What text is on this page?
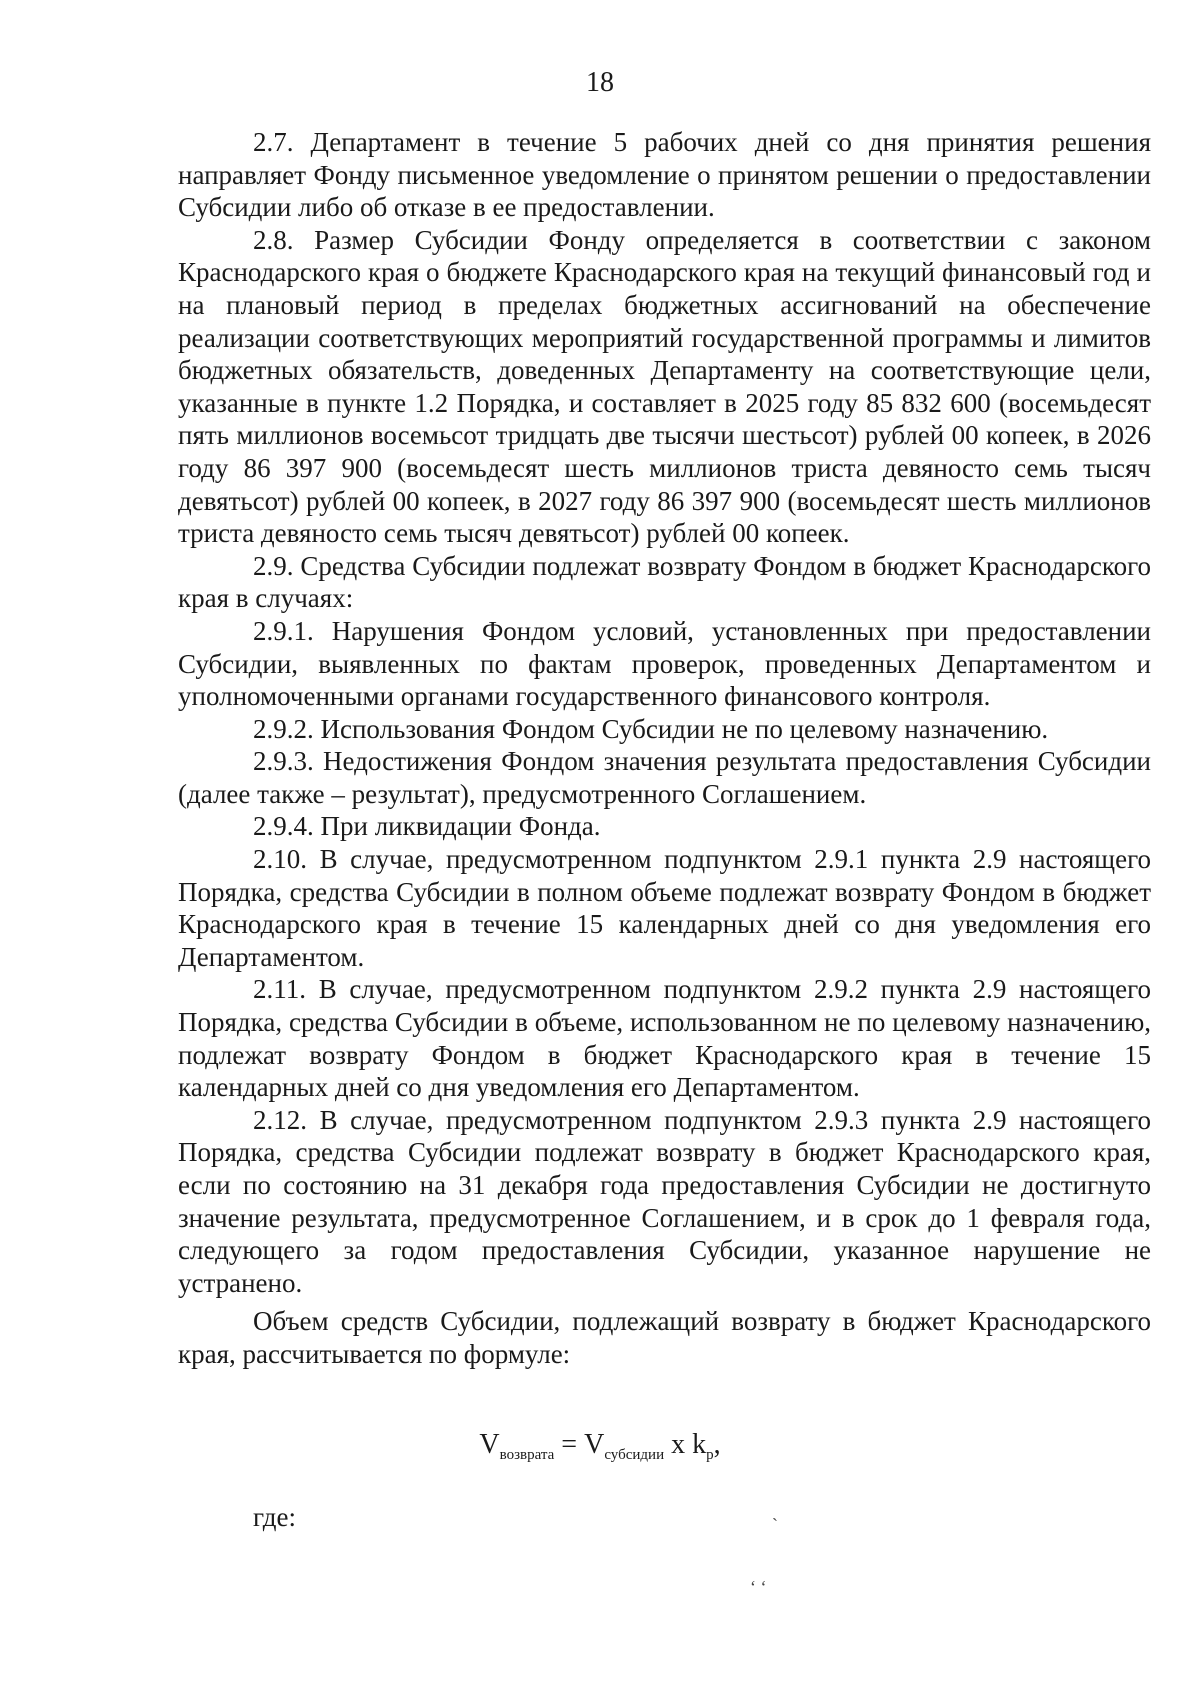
18

2.7. Департамент в течение 5 рабочих дней со дня принятия решения направляет Фонду письменное уведомление о принятом решении о предоставлении Субсидии либо об отказе в ее предоставлении.

2.8. Размер Субсидии Фонду определяется в соответствии с законом Краснодарского края о бюджете Краснодарского края на текущий финансовый год и на плановый период в пределах бюджетных ассигнований на обеспечение реализации соответствующих мероприятий государственной программы и лимитов бюджетных обязательств, доведенных Департаменту на соответствующие цели, указанные в пункте 1.2 Порядка, и составляет в 2025 году 85 832 600 (восемьдесят пять миллионов восемьсот тридцать две тысячи шестьсот) рублей 00 копеек, в 2026 году 86 397 900 (восемьдесят шесть миллионов триста девяносто семь тысяч девятьсот) рублей 00 копеек, в 2027 году 86 397 900 (восемьдесят шесть миллионов триста девяносто семь тысяч девятьсот) рублей 00 копеек.

2.9. Средства Субсидии подлежат возврату Фондом в бюджет Краснодарского края в случаях:

2.9.1. Нарушения Фондом условий, установленных при предоставлении Субсидии, выявленных по фактам проверок, проведенных Департаментом и уполномоченными органами государственного финансового контроля.

2.9.2. Использования Фондом Субсидии не по целевому назначению.

2.9.3. Недостижения Фондом значения результата предоставления Субсидии (далее также – результат), предусмотренного Соглашением.

2.9.4. При ликвидации Фонда.

2.10. В случае, предусмотренном подпунктом 2.9.1 пункта 2.9 настоящего Порядка, средства Субсидии в полном объеме подлежат возврату Фондом в бюджет Краснодарского края в течение 15 календарных дней со дня уведомления его Департаментом.

2.11. В случае, предусмотренном подпунктом 2.9.2 пункта 2.9 настоящего Порядка, средства Субсидии в объеме, использованном не по целевому назначению, подлежат возврату Фондом в бюджет Краснодарского края в течение 15 календарных дней со дня уведомления его Департаментом.

2.12. В случае, предусмотренном подпунктом 2.9.3 пункта 2.9 настоящего Порядка, средства Субсидии подлежат возврату в бюджет Краснодарского края, если по состоянию на 31 декабря года предоставления Субсидии не достигнуто значение результата, предусмотренное Соглашением, и в срок до 1 февраля года, следующего за годом предоставления Субсидии, указанное нарушение не устранено.

Объем средств Субсидии, подлежащий возврату в бюджет Краснодарского края, рассчитывается по формуле:

$V_{возврата} = V_{субсидии}$ x $k_p$,
где:	`
‘ ‘
